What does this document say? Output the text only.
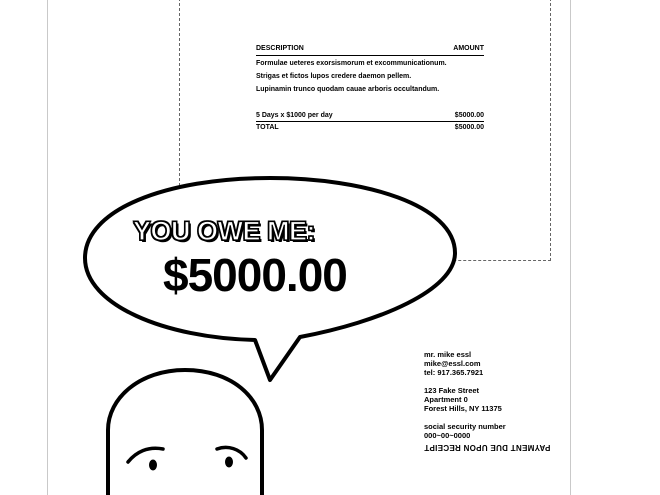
DESCRIPTION	AMOUNT
Formulae ueteres exorsismorum et excommunicationum.
Strigas et fictos lupos credere daemon pellem.
Lupinamin trunco quodam cauae arboris occultandum.
5 Days x $1000 per day	$5000.00
TOTAL	$5000.00
YOU OWE ME:
$5000.00
mr. mike essl
mike@essl.com
tel: 917.365.7921
123 Fake Street
Apartment 0
Forest Hills, NY 11375
social security number
000~00~0000
PAYMENT DUE UPON RECEIPT
